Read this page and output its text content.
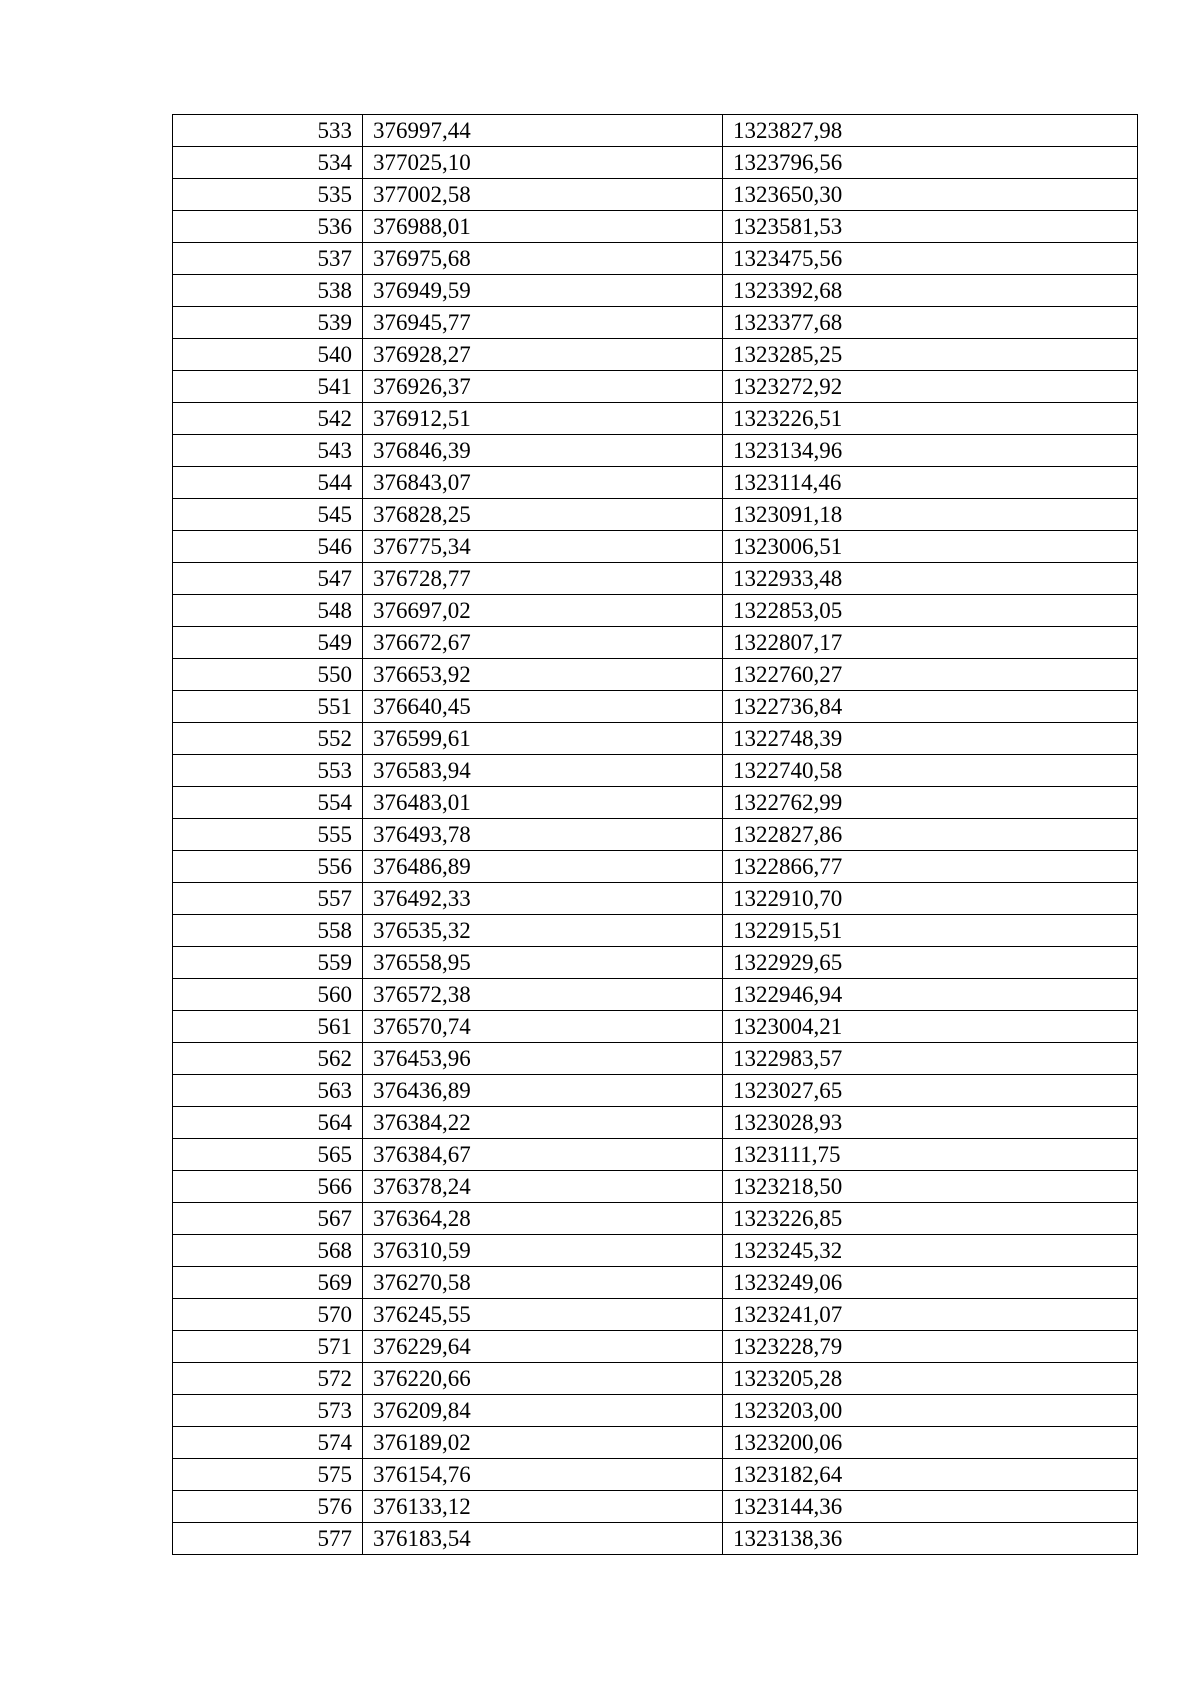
533	376997,44	1323827,98
534	377025,10	1323796,56
535	377002,58	1323650,30
536	376988,01	1323581,53
537	376975,68	1323475,56
538	376949,59	1323392,68
539	376945,77	1323377,68
540	376928,27	1323285,25
541	376926,37	1323272,92
542	376912,51	1323226,51
543	376846,39	1323134,96
544	376843,07	1323114,46
545	376828,25	1323091,18
546	376775,34	1323006,51
547	376728,77	1322933,48
548	376697,02	1322853,05
549	376672,67	1322807,17
550	376653,92	1322760,27
551	376640,45	1322736,84
552	376599,61	1322748,39
553	376583,94	1322740,58
554	376483,01	1322762,99
555	376493,78	1322827,86
556	376486,89	1322866,77
557	376492,33	1322910,70
558	376535,32	1322915,51
559	376558,95	1322929,65
560	376572,38	1322946,94
561	376570,74	1323004,21
562	376453,96	1322983,57
563	376436,89	1323027,65
564	376384,22	1323028,93
565	376384,67	1323111,75
566	376378,24	1323218,50
567	376364,28	1323226,85
568	376310,59	1323245,32
569	376270,58	1323249,06
570	376245,55	1323241,07
571	376229,64	1323228,79
572	376220,66	1323205,28
573	376209,84	1323203,00
574	376189,02	1323200,06
575	376154,76	1323182,64
576	376133,12	1323144,36
577	376183,54	1323138,36
